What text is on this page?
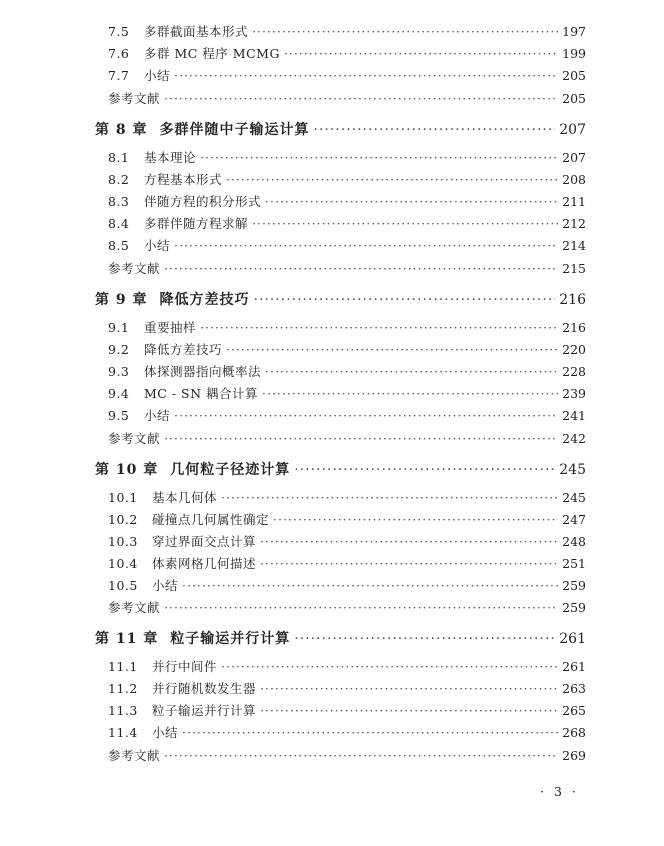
7.5	多群截面基本形式 ·····	197
7.6	多群 MC 程序 MCMG ·····	199
7.7	小结 ·····	205
参考文献 ·····	205
第 8 章 多群伴随中子输运计算 ·····	207
8.1	基本理论 ·····	207
8.2	方程基本形式 ·····	208
8.3	伴随方程的积分形式 ·····	211
8.4	多群伴随方程求解 ·····	212
8.5	小结 ·····	214
参考文献 ·····	215
第 9 章 降低方差技巧 ·····	216
9.1	重要抽样 ·····	216
9.2	降低方差技巧 ·····	220
9.3	体探测器指向概率法 ·····	228
9.4	MC - SN 耦合计算 ·····	239
9.5	小结 ·····	241
参考文献 ·····	242
第 10 章 几何粒子径迹计算 ·····	245
10.1	基本几何体 ·····	245
10.2	碰撞点几何属性确定 ·····	247
10.3	穿过界面交点计算 ·····	248
10.4	体素网格几何描述 ·····	251
10.5	小结 ·····	259
参考文献 ·····	259
第 11 章 粒子输运并行计算 ·····	261
11.1	并行中间件 ·····	261
11.2	并行随机数发生器 ·····	263
11.3	粒子输运并行计算 ·····	265
11.4	小结 ·····	268
参考文献 ·····	269
· 3 ·
